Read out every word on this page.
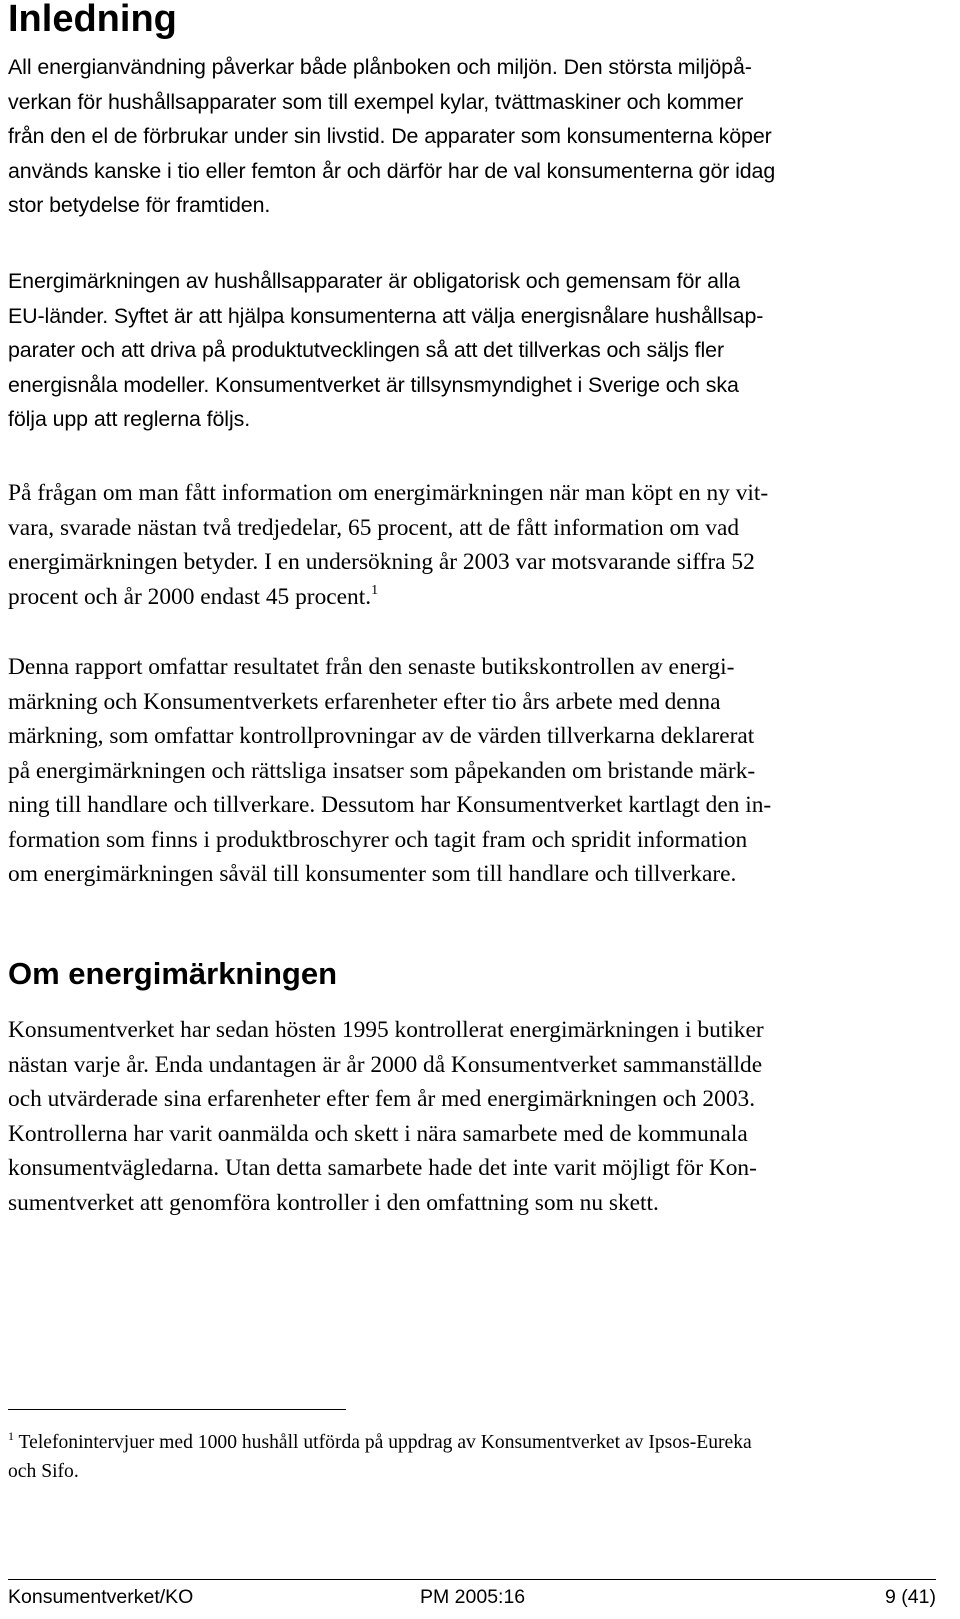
Inledning
All energianvändning påverkar både plånboken och miljön. Den största miljöpå-
verkan för hushållsapparater som till exempel kylar, tvättmaskiner och kommer
från den el de förbrukar under sin livstid. De apparater som konsumenterna köper
används kanske i tio eller femton år och därför har de val konsumenterna gör idag
stor betydelse för framtiden.
Energimärkningen av hushållsapparater är obligatorisk och gemensam för alla
EU-länder. Syftet är att hjälpa konsumenterna att välja energisnålare hushållsap-
parater och att driva på produktutvecklingen så att det tillverkas och säljs fler
energisnåla modeller. Konsumentverket är tillsynsmyndighet i Sverige och ska
följa upp att reglerna följs.
På frågan om man fått information om energimärkningen när man köpt en ny vit-
vara, svarade nästan två tredjedelar, 65 procent, att de fått information om vad
energimärkningen betyder. I en undersökning år 2003 var motsvarande siffra 52
procent och år 2000 endast 45 procent.$^1$
Denna rapport omfattar resultatet från den senaste butikskontrollen av energi-
märkning och Konsumentverkets erfarenheter efter tio års arbete med denna
märkning, som omfattar kontrollprovningar av de värden tillverkarna deklarerat
på energimärkningen och rättsliga insatser som påpekanden om bristande märk-
ning till handlare och tillverkare. Dessutom har Konsumentverket kartlagt den in-
formation som finns i produktbroschyrer och tagit fram och spridit information
om energimärkningen såväl till konsumenter som till handlare och tillverkare.
Om energimärkningen
Konsumentverket har sedan hösten 1995 kontrollerat energimärkningen i butiker
nästan varje år. Enda undantagen är år 2000 då Konsumentverket sammanställde
och utvärderade sina erfarenheter efter fem år med energimärkningen och 2003.
Kontrollerna har varit oanmälda och skett i nära samarbete med de kommunala
konsumentvägledarna. Utan detta samarbete hade det inte varit möjligt för Kon-
sumentverket att genomföra kontroller i den omfattning som nu skett.
$^1$ Telefonintervjuer med 1000 hushåll utförda på uppdrag av Konsumentverket av Ipsos-Eureka
och Sifo.
Konsumentverket/KO	PM 2005:16	9 (41)
